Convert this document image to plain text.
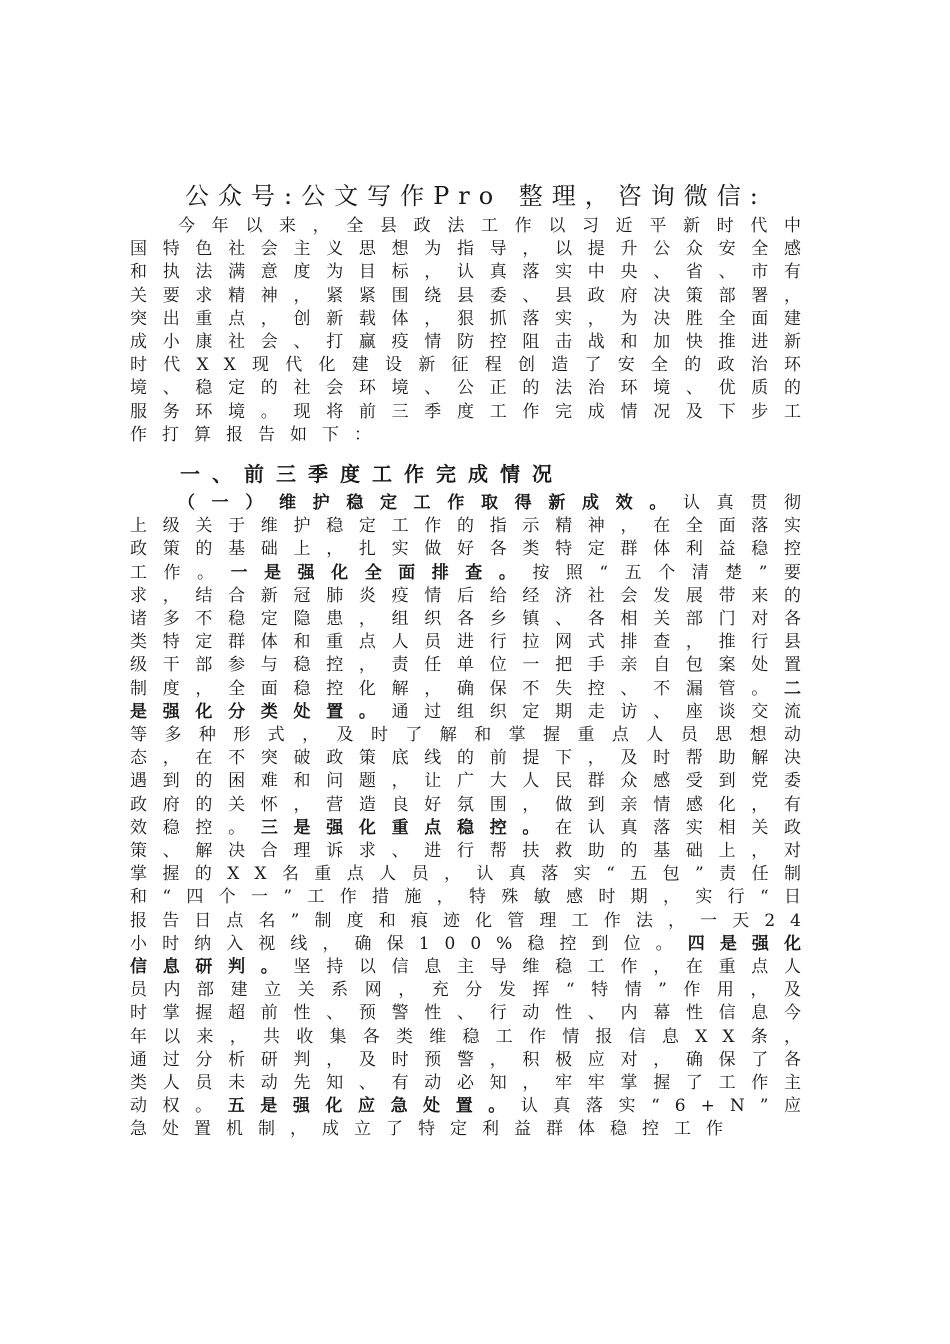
公众号:公文写作Pro 整理，咨询微信:
今年以来，全县政法工作以习近平新时代中国特色社会主义思想为指导，以提升公众安全感和执法满意度为目标，认真落实中央、省、市有关要求精神，紧紧围绕县委、县政府决策部署，突出重点，创新载体，狠抓落实，为决胜全面建成小康社会、打赢疫情防控阻击战和加快推进新时代XX现代化建设新征程创造了安全的政治环境、稳定的社会环境、公正的法治环境、优质的服务环境。现将前三季度工作完成情况及下步工作打算报告如下：
一、前三季度工作完成情况
（一）维护稳定工作取得新成效。认真贯彻上级关于维护稳定工作的指示精神，在全面落实政策的基础上，扎实做好各类特定群体利益稳控工作。一是强化全面排查。按照“五个清楚”要求，结合新冠肺炎疫情后给经济社会发展带来的诸多不稳定隐患，组织各乡镇、各相关部门对各类特定群体和重点人员进行拉网式排查，推行县级干部参与稳控，责任单位一把手亲自包案处置制度，全面稳控化解，确保不失控、不漏管。二是强化分类处置。通过组织定期走访、座谈交流等多种形式，及时了解和掌握重点人员思想动态，在不突破政策底线的前提下，及时帮助解决遇到的困难和问题，让广大人民群众感受到党委政府的关怀，营造良好氛围，做到亲情感化，有效稳控。三是强化重点稳控。在认真落实相关政策、解决合理诉求、进行帮扶救助的基础上，对掌握的XX名重点人员，认真落实“五包”责任制和“四个一”工作措施，特殊敏感时期，实行“日报告日点名”制度和痕迹化管理工作法，一天24小时纳入视线，确保100%稳控到位。四是强化信息研判。坚持以信息主导维稳工作，在重点人员内部建立关系网，充分发挥“特情”作用，及时掌握超前性、预警性、行动性、内幕性信息今年以来，共收集各类维稳工作情报信息XX条，通过分析研判，及时预警，积极应对，确保了各类人员未动先知、有动必知，牢牢掌握了工作主动权。五是强化应急处置。认真落实“6+N”应急处置机制，成立了特定利益群体稳控工作
